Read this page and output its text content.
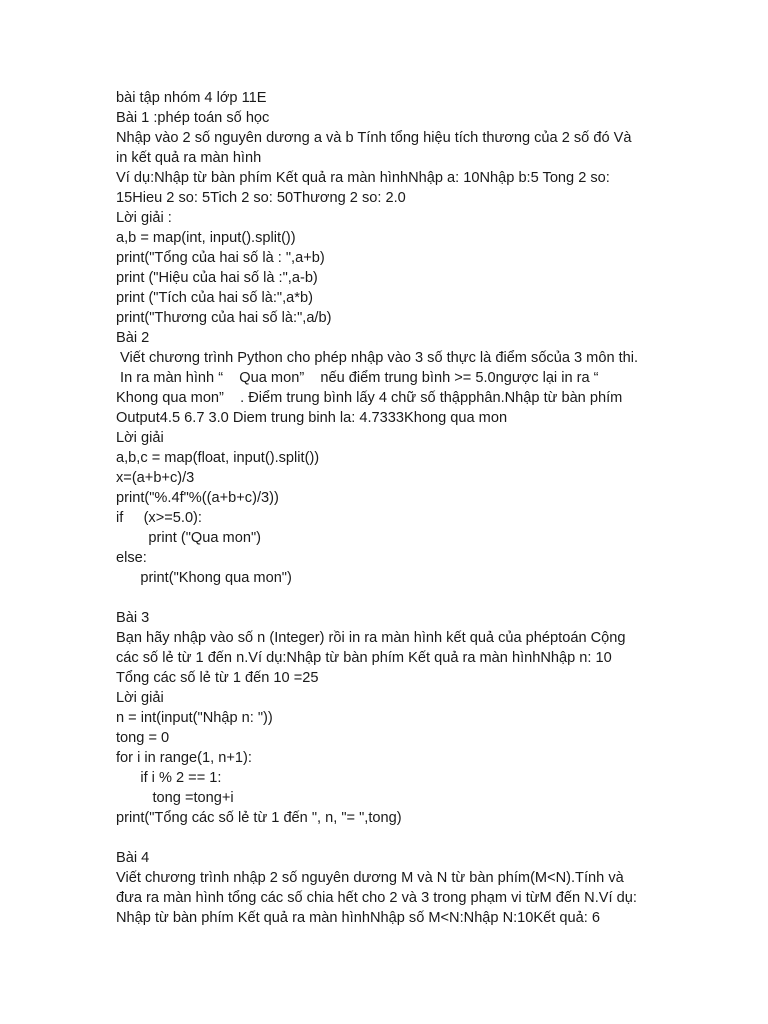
bài tập nhóm 4 lớp 11E
Bài 1 :phép toán số học
Nhập vào 2 số nguyên dương a và b Tính tổng hiệu tích thương của 2 số đó Và
in kết quả ra màn hình
Ví dụ:Nhập từ bàn phím Kết quả ra màn hìnhNhập a: 10Nhập b:5 Tong 2 so:
15Hieu 2 so: 5Tich 2 so: 50Thương 2 so: 2.0
Lời giải :
a,b = map(int, input().split())
print("Tổng của hai số là : ",a+b)
print ("Hiệu của hai số là :",a-b)
print ("Tích của hai số là:",a*b)
print("Thương của hai số là:",a/b)
Bài 2
Viết chương trình Python cho phép nhập vào 3 số thực là điểm sốcủa 3 môn thi.
In ra màn hình “    Qua mon”    nếu điểm trung bình >= 5.0ngược lại in ra “
Khong qua mon”    . Điểm trung bình lấy 4 chữ số thậpphân.Nhập từ bàn phím
Output4.5 6.7 3.0 Diem trung binh la: 4.7333Khong qua mon
Lời giải
a,b,c = map(float, input().split())
x=(a+b+c)/3
print("%.4f"%((a+b+c)/3))
if     (x>=5.0):
print ("Qua mon")
else:
print("Khong qua mon")
Bài 3
Bạn hãy nhập vào số n (Integer) rồi in ra màn hình kết quả của phéptoán Cộng
các số lẻ từ 1 đến n.Ví dụ:Nhập từ bàn phím Kết quả ra màn hìnhNhập n: 10
Tổng các số lẻ từ 1 đến 10 =25
Lời giải
n = int(input("Nhập n: "))
tong = 0
for i in range(1, n+1):
if i % 2 == 1:
tong =tong+i
print("Tổng các số lẻ từ 1 đến ", n, "= ",tong)
Bài 4
Viết chương trình nhập 2 số nguyên dương M và N từ bàn phím(M<N).Tính và
đưa ra màn hình tổng các số chia hết cho 2 và 3 trong phạm vi từM đến N.Ví dụ:
Nhập từ bàn phím Kết quả ra màn hìnhNhập số M<N:Nhập N:10Kết quả: 6
